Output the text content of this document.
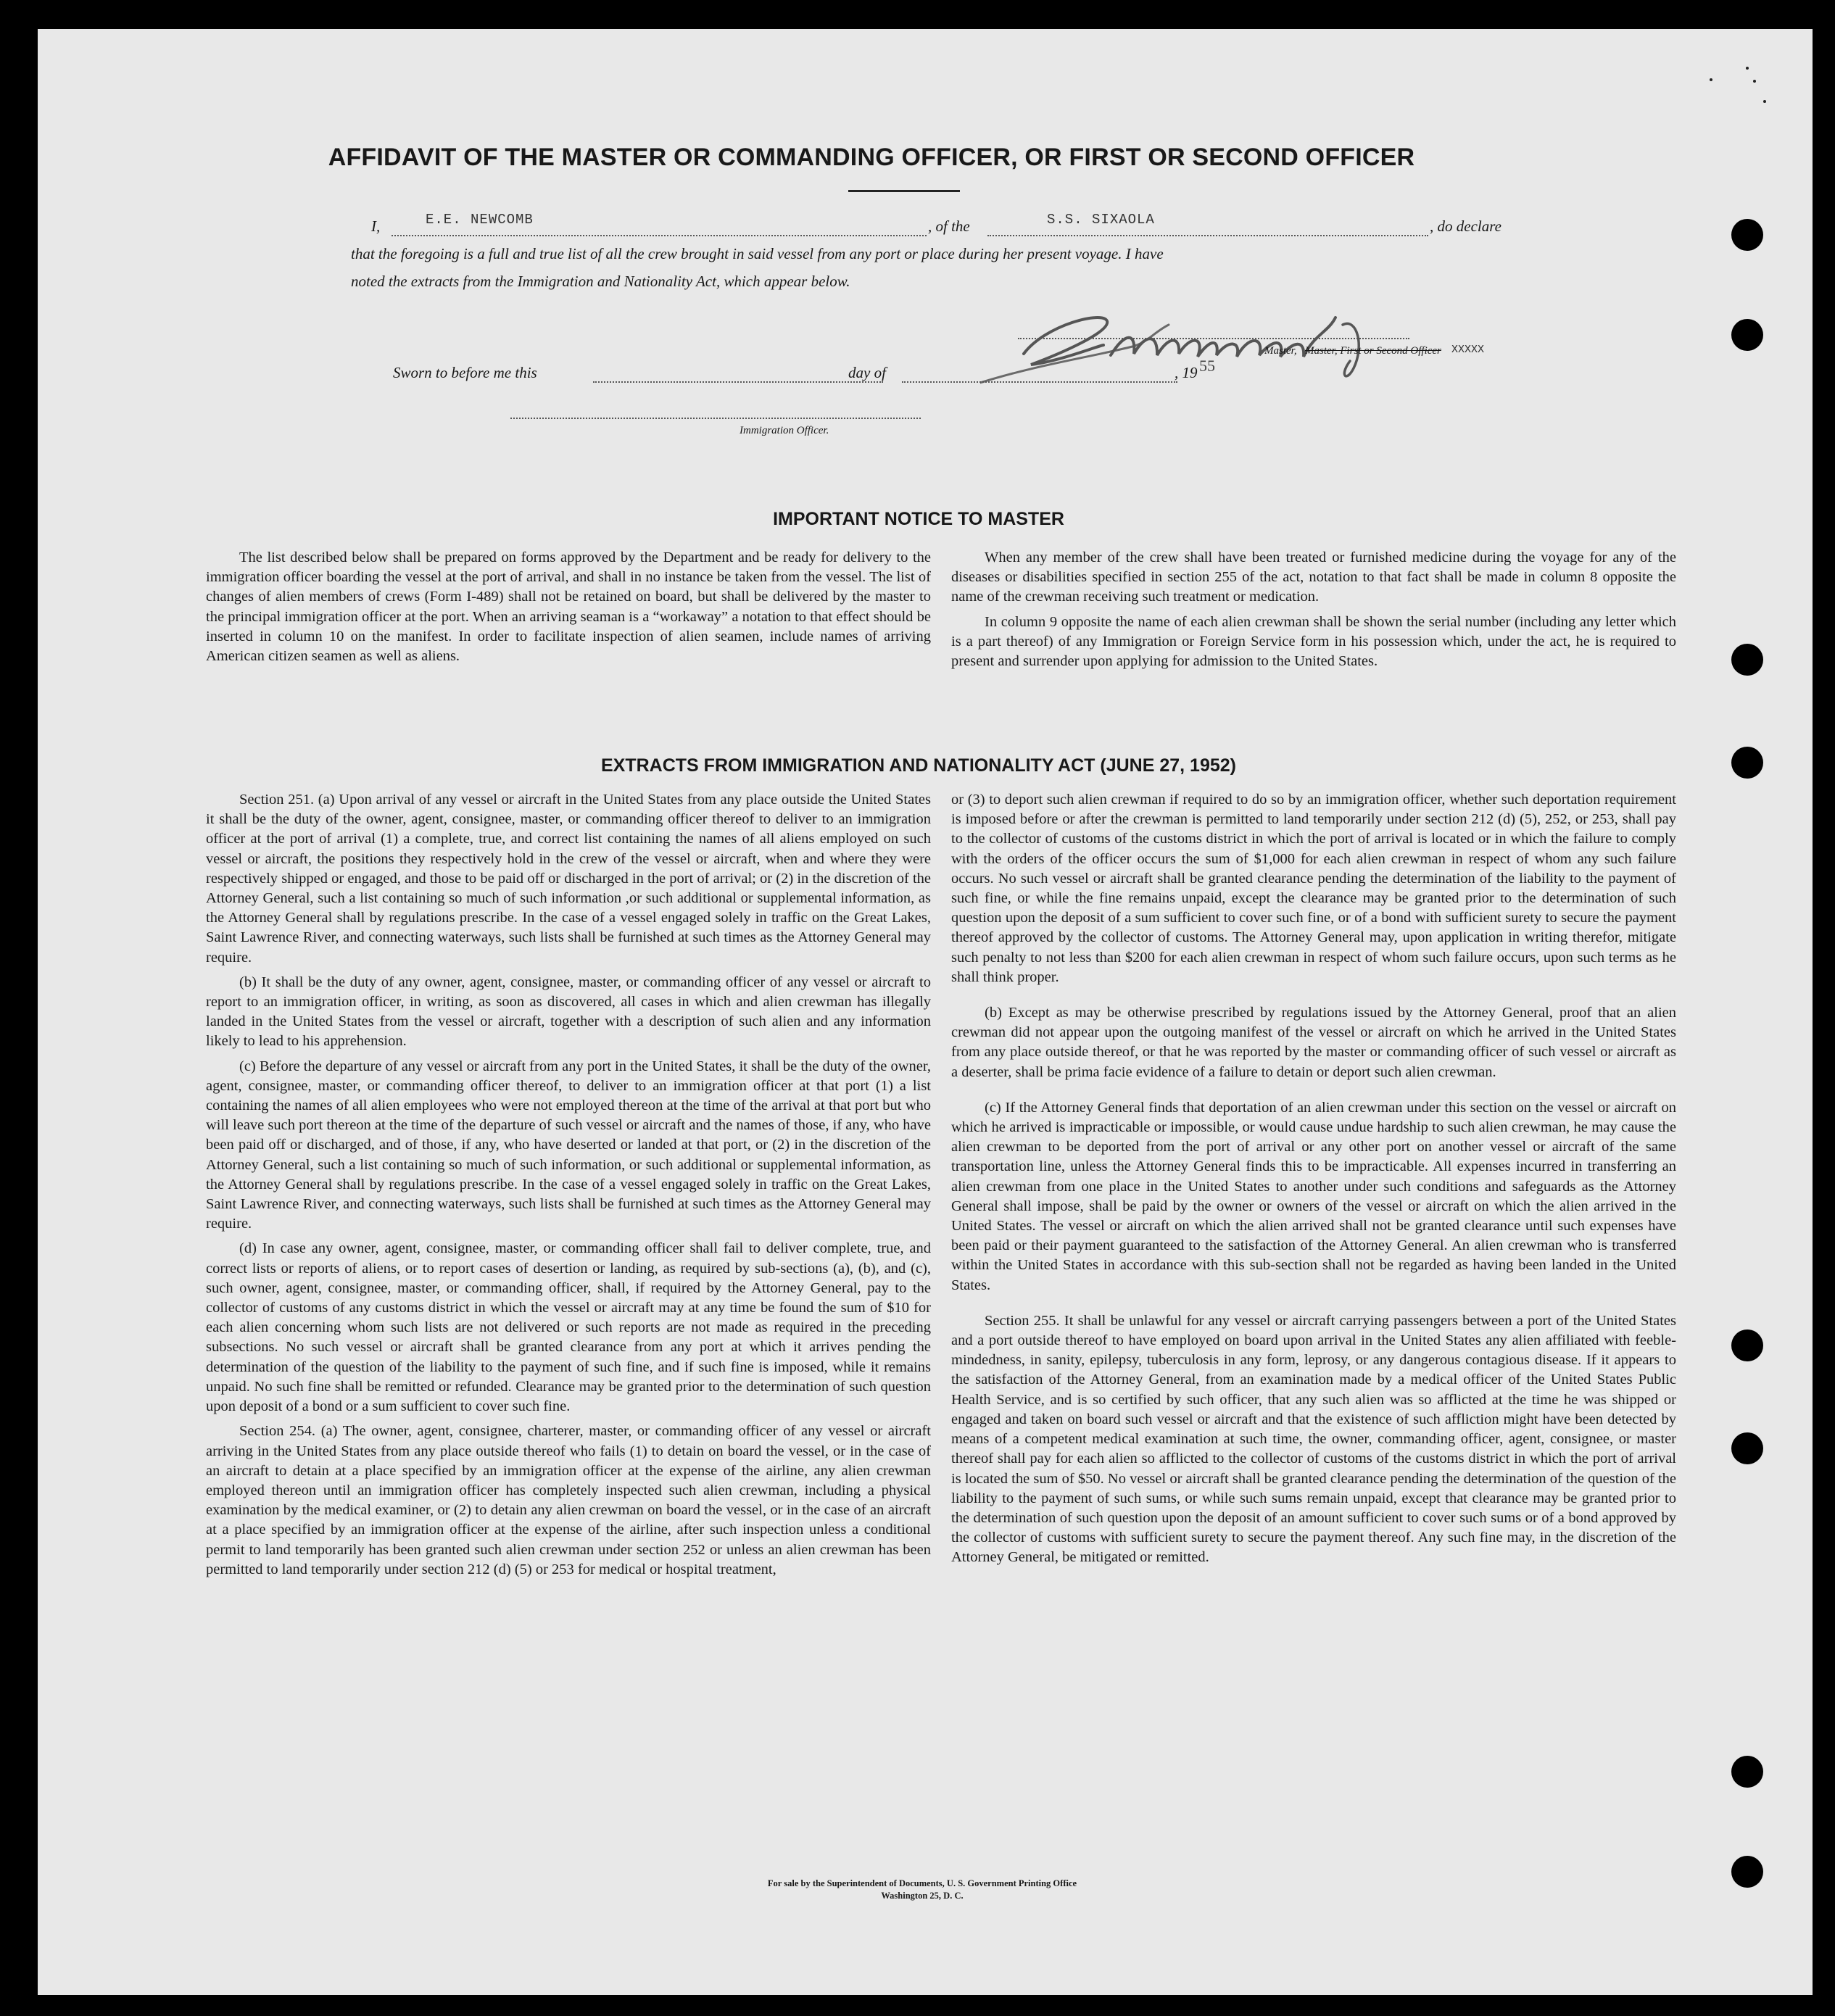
AFFIDAVIT OF THE MASTER OR COMMANDING OFFICER, OR FIRST OR SECOND OFFICER
I,	E.E. NEWCOMB	, of the	S.S. SIXAOLA	, do declare
that the foregoing is a full and true list of all the crew brought in said vessel from any port or place during her present voyage. I have
noted the extracts from the Immigration and Nationality Act, which appear below.
Master, Master, First or Second Officer XXXXX
Sworn to before me this	day of	, 19 55
Immigration Officer.
IMPORTANT NOTICE TO MASTER

The list described below shall be prepared on forms approved by the Department and be ready for delivery to the immigration officer boarding the vessel at the port of arrival, and shall in no instance be taken from the vessel. The list of changes of alien members of crews (Form I-489) shall not be retained on board, but shall be delivered by the master to the principal immigration officer at the port. When an arriving seaman is a “workaway” a notation to that effect should be inserted in column 10 on the manifest. In order to facilitate inspection of alien seamen, include names of arriving American citizen seamen as well as aliens.

When any member of the crew shall have been treated or furnished medicine during the voyage for any of the diseases or disabilities specified in section 255 of the act, notation to that fact shall be made in column 8 opposite the name of the crewman receiving such treatment or medication.

In column 9 opposite the name of each alien crewman shall be shown the serial number (including any letter which is a part thereof) of any Immigration or Foreign Service form in his possession which, under the act, he is required to present and surrender upon applying for admission to the United States.

EXTRACTS FROM IMMIGRATION AND NATIONALITY ACT (JUNE 27, 1952)

Section 251. (a) Upon arrival of any vessel or aircraft in the United States from any place outside the United States it shall be the duty of the owner, agent, consignee, master, or commanding officer thereof to deliver to an immigration officer at the port of arrival (1) a complete, true, and correct list containing the names of all aliens employed on such vessel or aircraft, the positions they respectively hold in the crew of the vessel or aircraft, when and where they were respectively shipped or engaged, and those to be paid off or discharged in the port of arrival; or (2) in the discretion of the Attorney General, such a list containing so much of such information ,or such additional or supplemental information, as the Attorney General shall by regulations prescribe. In the case of a vessel engaged solely in traffic on the Great Lakes, Saint Lawrence River, and connecting waterways, such lists shall be furnished at such times as the Attorney General may require.

(b) It shall be the duty of any owner, agent, consignee, master, or commanding officer of any vessel or aircraft to report to an immigration officer, in writing, as soon as discovered, all cases in which and alien crewman has illegally landed in the United States from the vessel or aircraft, together with a description of such alien and any information likely to lead to his apprehension.

(c) Before the departure of any vessel or aircraft from any port in the United States, it shall be the duty of the owner, agent, consignee, master, or commanding officer thereof, to deliver to an immigration officer at that port (1) a list containing the names of all alien employees who were not employed thereon at the time of the arrival at that port but who will leave such port thereon at the time of the departure of such vessel or aircraft and the names of those, if any, who have been paid off or discharged, and of those, if any, who have deserted or landed at that port, or (2) in the discretion of the Attorney General, such a list containing so much of such information, or such additional or supplemental information, as the Attorney General shall by regulations prescribe. In the case of a vessel engaged solely in traffic on the Great Lakes, Saint Lawrence River, and connecting waterways, such lists shall be furnished at such times as the Attorney General may require.

(d) In case any owner, agent, consignee, master, or commanding officer shall fail to deliver complete, true, and correct lists or reports of aliens, or to report cases of desertion or landing, as required by sub-sections (a), (b), and (c), such owner, agent, consignee, master, or commanding officer, shall, if required by the Attorney General, pay to the collector of customs of any customs district in which the vessel or aircraft may at any time be found the sum of $10 for each alien concerning whom such lists are not delivered or such reports are not made as required in the preceding subsections. No such vessel or aircraft shall be granted clearance from any port at which it arrives pending the determination of the question of the liability to the payment of such fine, and if such fine is imposed, while it remains unpaid. No such fine shall be remitted or refunded. Clearance may be granted prior to the determination of such question upon deposit of a bond or a sum sufficient to cover such fine.

Section 254. (a) The owner, agent, consignee, charterer, master, or commanding officer of any vessel or aircraft arriving in the United States from any place outside thereof who fails (1) to detain on board the vessel, or in the case of an aircraft to detain at a place specified by an immigration officer at the expense of the airline, any alien crewman employed thereon until an immigration officer has completely inspected such alien crewman, including a physical examination by the medical examiner, or (2) to detain any alien crewman on board the vessel, or in the case of an aircraft at a place specified by an immigration officer at the expense of the airline, after such inspection unless a conditional permit to land temporarily has been granted such alien crewman under section 252 or unless an alien crewman has been permitted to land temporarily under section 212 (d) (5) or 253 for medical or hospital treatment,

or (3) to deport such alien crewman if required to do so by an immigration officer, whether such deportation requirement is imposed before or after the crewman is permitted to land temporarily under section 212 (d) (5), 252, or 253, shall pay to the collector of customs of the customs district in which the port of arrival is located or in which the failure to comply with the orders of the officer occurs the sum of $1,000 for each alien crewman in respect of whom any such failure occurs. No such vessel or aircraft shall be granted clearance pending the determination of the liability to the payment of such fine, or while the fine remains unpaid, except the clearance may be granted prior to the determination of such question upon the deposit of a sum sufficient to cover such fine, or of a bond with sufficient surety to secure the payment thereof approved by the collector of customs. The Attorney General may, upon application in writing therefor, mitigate such penalty to not less than $200 for each alien crewman in respect of whom such failure occurs, upon such terms as he shall think proper.

(b) Except as may be otherwise prescribed by regulations issued by the Attorney General, proof that an alien crewman did not appear upon the outgoing manifest of the vessel or aircraft on which he arrived in the United States from any place outside thereof, or that he was reported by the master or commanding officer of such vessel or aircraft as a deserter, shall be prima facie evidence of a failure to detain or deport such alien crewman.

(c) If the Attorney General finds that deportation of an alien crewman under this section on the vessel or aircraft on which he arrived is impracticable or impossible, or would cause undue hardship to such alien crewman, he may cause the alien crewman to be deported from the port of arrival or any other port on another vessel or aircraft of the same transportation line, unless the Attorney General finds this to be impracticable. All expenses incurred in transferring an alien crewman from one place in the United States to another under such conditions and safeguards as the Attorney General shall impose, shall be paid by the owner or owners of the vessel or aircraft on which the alien arrived in the United States. The vessel or aircraft on which the alien arrived shall not be granted clearance until such expenses have been paid or their payment guaranteed to the satisfaction of the Attorney General. An alien crewman who is transferred within the United States in accordance with this sub-section shall not be regarded as having been landed in the United States.

Section 255. It shall be unlawful for any vessel or aircraft carrying passengers between a port of the United States and a port outside thereof to have employed on board upon arrival in the United States any alien affiliated with feeble-mindedness, in sanity, epilepsy, tuberculosis in any form, leprosy, or any dangerous contagious disease. If it appears to the satisfaction of the Attorney General, from an examination made by a medical officer of the United States Public Health Service, and is so certified by such officer, that any such alien was so afflicted at the time he was shipped or engaged and taken on board such vessel or aircraft and that the existence of such affliction might have been detected by means of a competent medical examination at such time, the owner, commanding officer, agent, consignee, or master thereof shall pay for each alien so afflicted to the collector of customs of the customs district in which the port of arrival is located the sum of $50. No vessel or aircraft shall be granted clearance pending the determination of the question of the liability to the payment of such sums, or while such sums remain unpaid, except that clearance may be granted prior to the determination of such question upon the deposit of an amount sufficient to cover such sums or of a bond approved by the collector of customs with sufficient surety to secure the payment thereof. Any such fine may, in the discretion of the Attorney General, be mitigated or remitted.

For sale by the Superintendent of Documents, U. S. Government Printing Office
Washington 25, D. C.
